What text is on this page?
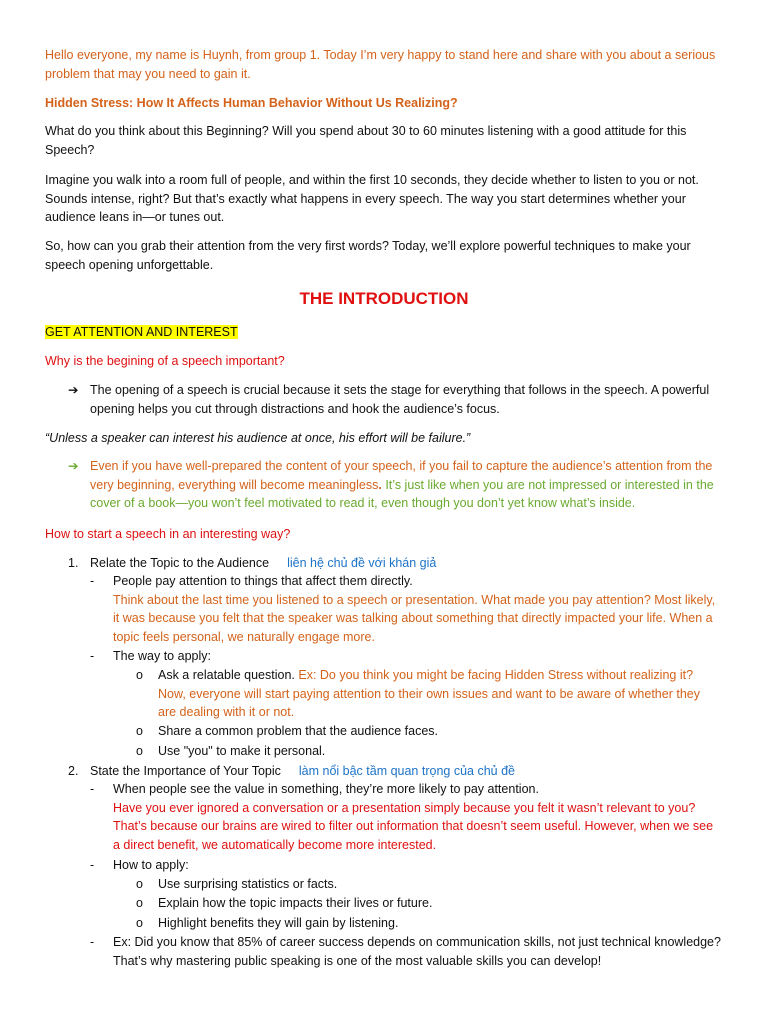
Hello everyone, my name is Huynh, from group 1. Today I’m very happy to stand here and share with you about a serious problem that may you need to gain it.

Hidden Stress: How It Affects Human Behavior Without Us Realizing?

What do you think about this Beginning? Will you spend about 30 to 60 minutes listening with a good attitude for this Speech?

Imagine you walk into a room full of people, and within the first 10 seconds, they decide whether to listen to you or not. Sounds intense, right? But that’s exactly what happens in every speech. The way you start determines whether your audience leans in—or tunes out.

So, how can you grab their attention from the very first words? Today, we’ll explore powerful techniques to make your speech opening unforgettable.

THE INTRODUCTION

GET ATTENTION AND INTEREST

Why is the begining of a speech important?

➔ The opening of a speech is crucial because it sets the stage for everything that follows in the speech. A powerful opening helps you cut through distractions and hook the audience’s focus.

“Unless a speaker can interest his audience at once, his effort will be failure.”

➔ Even if you have well-prepared the content of your speech, if you fail to capture the audience’s attention from the very beginning, everything will become meaningless. It’s just like when you are not impressed or interested in the cover of a book—you won’t feel motivated to read it, even though you don’t yet know what’s inside.

How to start a speech in an interesting way?

1. Relate the Topic to the Audience liên hệ chủ đề với khán giả
- People pay attention to things that affect them directly.
Think about the last time you listened to a speech or presentation. What made you pay attention? Most likely, it was because you felt that the speaker was talking about something that directly impacted your life. When a topic feels personal, we naturally engage more.
- The way to apply:
o Ask a relatable question. Ex: Do you think you might be facing Hidden Stress without realizing it? Now, everyone will start paying attention to their own issues and want to be aware of whether they are dealing with it or not.
o Share a common problem that the audience faces.
o Use "you" to make it personal.
2. State the Importance of Your Topic làm nổi bậc tầm quan trọng của chủ đề
- When people see the value in something, they’re more likely to pay attention.
Have you ever ignored a conversation or a presentation simply because you felt it wasn’t relevant to you? That’s because our brains are wired to filter out information that doesn’t seem useful. However, when we see a direct benefit, we automatically become more interested.
- How to apply:
o Use surprising statistics or facts.
o Explain how the topic impacts their lives or future.
o Highlight benefits they will gain by listening.
- Ex: Did you know that 85% of career success depends on communication skills, not just technical knowledge? That’s why mastering public speaking is one of the most valuable skills you can develop!
